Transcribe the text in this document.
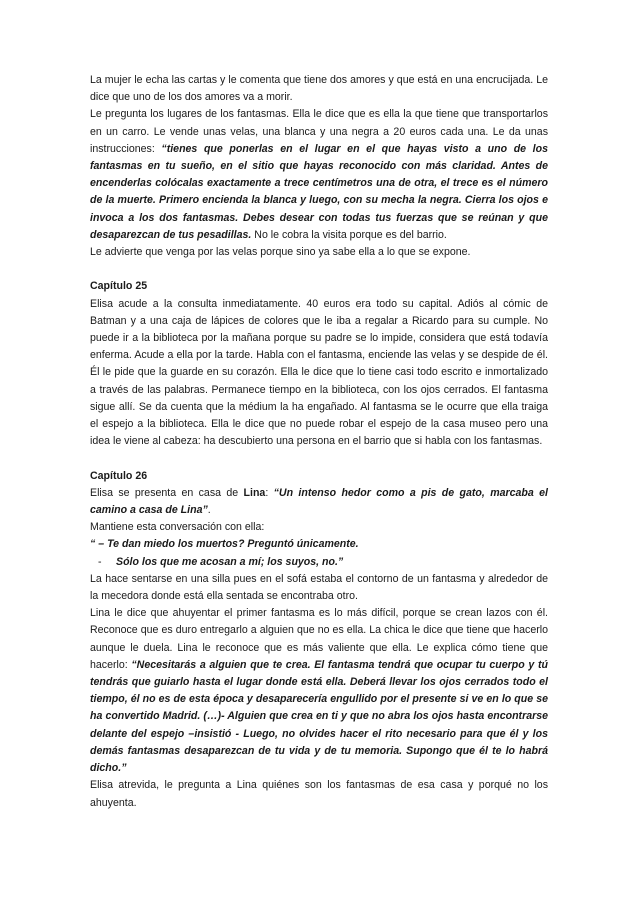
La mujer le echa las cartas y le comenta que tiene dos amores y que está en una encrucijada. Le dice que uno de los dos amores va a morir.

Le pregunta los lugares de los fantasmas. Ella le dice que es ella la que tiene que transportarlos en un carro. Le vende unas velas, una blanca y una negra a 20 euros cada una. Le da unas instrucciones: “tienes que ponerlas en el lugar en el que hayas visto a uno de los fantasmas en tu sueño, en el sitio que hayas reconocido con más claridad. Antes de encenderlas colócalas exactamente a trece centímetros una de otra, el trece es el número de la muerte. Primero encienda la blanca y luego, con su mecha la negra. Cierra los ojos e invoca a los dos fantasmas. Debes desear con todas tus fuerzas que se reúnan y que desaparezcan de tus pesadillas. No le cobra la visita porque es del barrio.

Le advierte que venga por las velas porque sino ya sabe ella a lo que se expone.

Capítulo 25

Elisa acude a la consulta inmediatamente. 40 euros era todo su capital. Adiós al cómic de Batman y a una caja de lápices de colores que le iba a regalar a Ricardo para su cumple. No puede ir a la biblioteca por la mañana porque su padre se lo impide, considera que está todavía enferma. Acude a ella por la tarde. Habla con el fantasma, enciende las velas y se despide de él. Él le pide que la guarde en su corazón. Ella le dice que lo tiene casi todo escrito e inmortalizado a través de las palabras. Permanece tiempo en la biblioteca, con los ojos cerrados. El fantasma sigue allí. Se da cuenta que la médium la ha engañado. Al fantasma se le ocurre que ella traiga el espejo a la biblioteca. Ella le dice que no puede robar el espejo de la casa museo pero una idea le viene al cabeza: ha descubierto una persona en el barrio que si habla con los fantasmas.

Capítulo 26

Elisa se presenta en casa de Lina: “Un intenso hedor como a pis de gato, marcaba el camino a casa de Lina”.

Mantiene esta conversación con ella:

“ – Te dan miedo los muertos? Preguntó únicamente.

- Sólo los que me acosan a mí; los suyos, no.”

La hace sentarse en una silla pues en el sofá estaba el contorno de un fantasma y alrededor de la mecedora donde está ella sentada se encontraba otro.

Lina le dice que ahuyentar el primer fantasma es lo más difícil, porque se crean lazos con él. Reconoce que es duro entregarlo a alguien que no es ella. La chica le dice que tiene que hacerlo aunque le duela. Lina le reconoce que es más valiente que ella. Le explica cómo tiene que hacerlo: “Necesitarás a alguien que te crea. El fantasma tendrá que ocupar tu cuerpo y tú tendrás que guiarlo hasta el lugar donde está ella. Deberá llevar los ojos cerrados todo el tiempo, él no es de esta época y desaparecería engullido por el presente si ve en lo que se ha convertido Madrid. (…)- Alguien que crea en ti y que no abra los ojos hasta encontrarse delante del espejo –insistió - Luego, no olvides hacer el rito necesario para que él y los demás fantasmas desaparezcan de tu vida y de tu memoria. Supongo que él te lo habrá dicho.”

Elisa atrevida, le pregunta a Lina quiénes son los fantasmas de esa casa y porqué no los ahuyenta.
